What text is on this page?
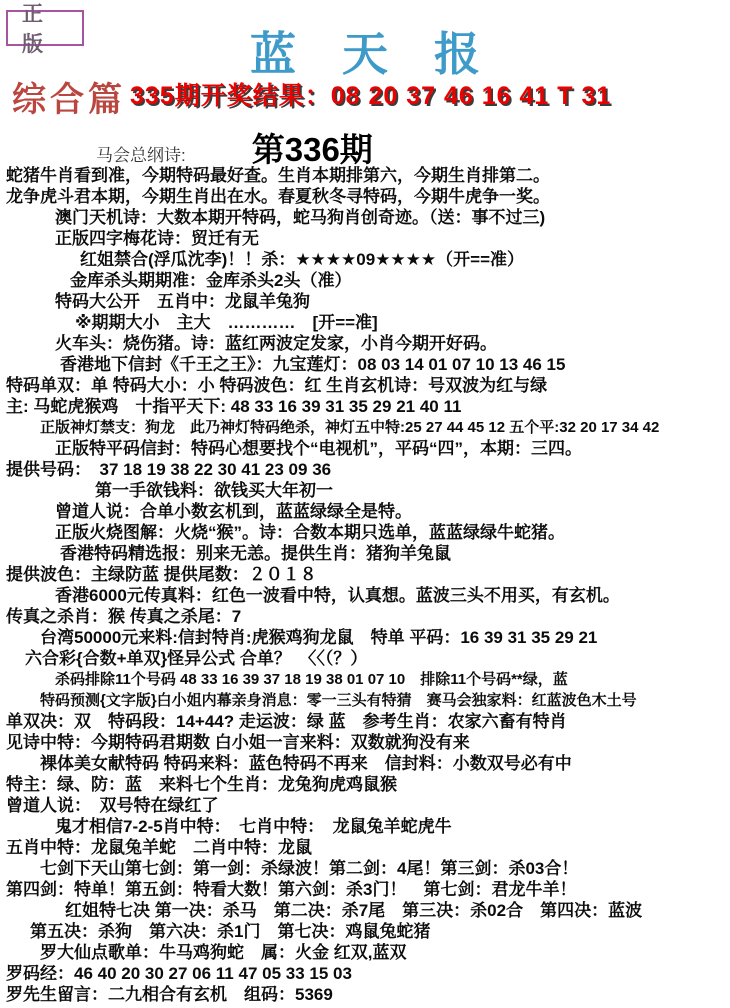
正版	蓝天报
综合篇 335期开奖结果：08 20 37 46 16 41 T 31
马会总纲诗: 第336期
蛇猪牛肖看到准，今期特码最好查。生肖本期排第六，今期生肖排第二。
龙争虎斗君本期，今期生肖出在水。春夏秋冬寻特码，今期牛虎争一奖。
澳门天机诗：大数本期开特码，蛇马狗肖创奇迹。（送：事不过三)
正版四字梅花诗：贸迁有无
红姐禁合(浮瓜沈李)！！杀：★★★★09★★★★（开==准）
金库杀头期期准：金库杀头2头（准）
特码大公开　五肖中：龙鼠羊兔狗
※期期大小　主大　…………　[开==准]
火车头：烧伤猪。诗：蓝红两波定发家，小肖今期开好码。
香港地下信封《千王之王》：九宝莲灯：08 03 14 01 07 10 13 46 15
特码单双：单 特码大小：小 特码波色：红 生肖玄机诗：号双波为红与绿
主: 马蛇虎猴鸡　十指平天下: 48 33 16 39 31 35 29 21 40 11
正版神灯禁支：狗龙　此乃神灯特码绝杀，神灯五中特:25 27 44 45 12 五个平:32 20 17 34 42
正版特平码信封：特码心想要找个“电视机”，平码“四”，本期：三四。
提供号码：　37 18 19 38 22 30 41 23 09 36
第一手欲钱料：欲钱买大年初一
曾道人说：合单小数玄机到，蓝蓝绿绿全是特。
正版火烧图解：火烧“猴”。诗：合数本期只选单，蓝蓝绿绿牛蛇猪。
香港特码精选报：别来无恙。提供生肖：猪狗羊兔鼠
提供波色：主绿防蓝 提供尾数：２０１８
香港6000元传真料：红色一波看中特，认真想。蓝波三头不用买，有玄机。
传真之杀肖：猴 传真之杀尾：7
台湾50000元来料:信封特肖:虎猴鸡狗龙鼠　特单 平码：16 39 31 35 29 21
六合彩{合数+单双}怪异公式 合单？　〈〈（？）
杀码排除11个号码 48 33 16 39 37 18 19 38 01 07 10　排除11个号码**绿，蓝
特码预测{文字版}白小姐内幕亲身消息：零一三头有特猜　赛马会独家料：红蓝波色木土号
单双决：双　特码段：14+44? 走运波：绿 蓝　参考生肖：农家六畜有特肖
见诗中特：今期特码君期数 白小姐一言来料：双数就狗没有来
裸体美女献特码 特码来料：蓝色特码不再来　信封料：小数双号必有中
特主：绿、防：蓝　来料七个生肖：龙兔狗虎鸡鼠猴
曾道人说：　双号特在绿红了
鬼才相信7-2-5肖中特：　七肖中特：　龙鼠兔羊蛇虎牛
五肖中特：龙鼠兔羊蛇　二肖中特：龙鼠
七剑下天山第七剑：第一剑：杀绿波！第二剑：4尾！第三剑：杀03合！
第四剑：特单！第五剑：特看大数！第六剑：杀3门！　第七剑：君龙牛羊！
红姐特七决 第一决：杀马　第二决：杀7尾　第三决：杀02合　第四决：蓝波
第五决：杀狗　第六决：杀1门　第七决：鸡鼠兔蛇猪
罗大仙点歌单：牛马鸡狗蛇　属：火金 红双,蓝双
罗码经：46 40 20 30 27 06 11 47 05 33 15 03
罗先生留言：二九相合有玄机　组码：5369
